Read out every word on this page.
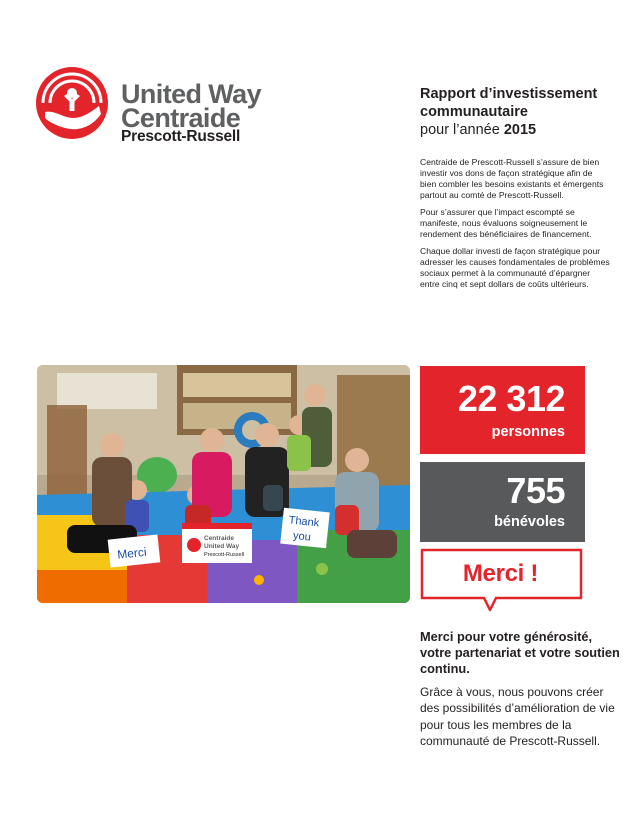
United Way
Centraide
Prescott-Russell
Rapport d’investissement
communautaire
pour l’année 2015

Centraide de Prescott-Russell s’assure de bien investir vos dons de façon stratégique afin de bien combler les besoins existants et émergents partout au comté de Prescott-Russell.

Pour s’assurer que l’impact escompté se manifeste, nous évaluons soigneusement le rendement des bénéficiaires de financement.

Chaque dollar investi de façon stratégique pour adresser les causes fondamentales de problèmes sociaux permet à la communauté d’épargner entre cinq et sept dollars de coûts ultérieurs.

Merci
Thank
you
Centraide
United Way
Prescott-Russell
22 312
personnes
755
bénévoles
Merci !

Merci pour votre générosité, votre partenariat et votre soutien continu.

Grâce à vous, nous pouvons créer des possibilités d’amélioration de vie pour tous les membres de la communauté de Prescott-Russell.
